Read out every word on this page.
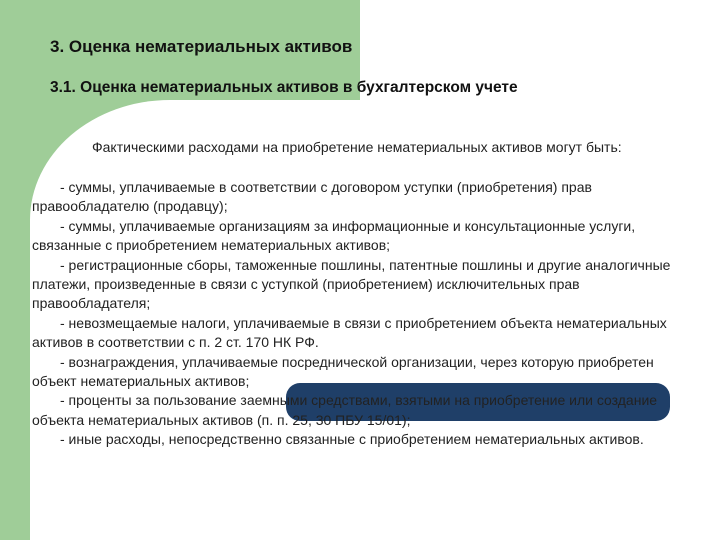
3. Оценка нематериальных активов
3.1. Оценка нематериальных активов в бухгалтерском учете

Фактическими расходами на приобретение нематериальных активов могут быть:

- суммы, уплачиваемые в соответствии с договором уступки (приобретения) прав правообладателю (продавцу);
- суммы, уплачиваемые организациям за информационные и консультационные услуги, связанные с приобретением нематериальных активов;
- регистрационные сборы, таможенные пошлины, патентные пошлины и другие аналогичные платежи, произведенные в связи с уступкой (приобретением) исключительных прав правообладателя;
- невозмещаемые налоги, уплачиваемые в связи с приобретением объекта нематериальных активов в соответствии с п. 2 ст. 170 НК РФ.
- вознаграждения, уплачиваемые посреднической организации, через которую приобретен объект нематериальных активов;
- проценты за пользование заемными средствами, взятыми на приобретение или создание объекта нематериальных активов (п. п. 25, 30 ПБУ 15/01);
- иные расходы, непосредственно связанные с приобретением нематериальных активов.
